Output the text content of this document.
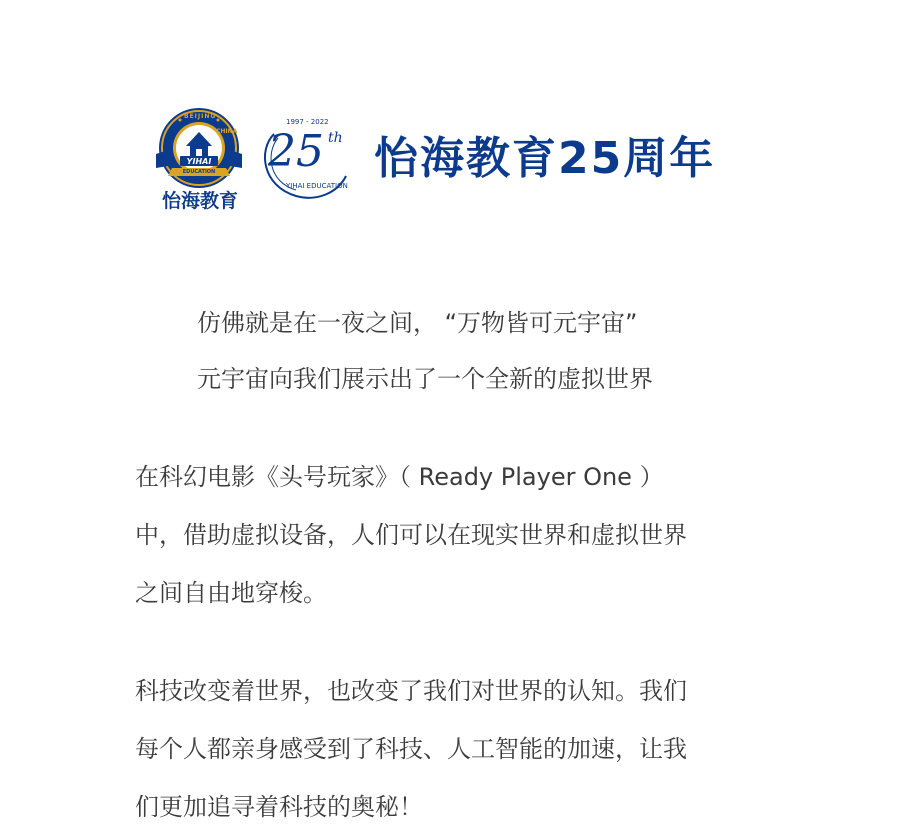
BEIJING
CHINA
YIHAI
EDUCATION
怡海教育
1997 - 2022
25 th
YIHAI EDUCATION
怡海教育25周年
仿佛就是在一夜之间， “万物皆可元宇宙”
元宇宙向我们展示出了一个全新的虚拟世界
在科幻电影《头号玩家》（ Ready Player One ）
中，借助虚拟设备，人们可以在现实世界和虚拟世界
之间自由地穿梭。
科技改变着世界，也改变了我们对世界的认知。我们
每个人都亲身感受到了科技、人工智能的加速，让我
们更加追寻着科技的奥秘！
